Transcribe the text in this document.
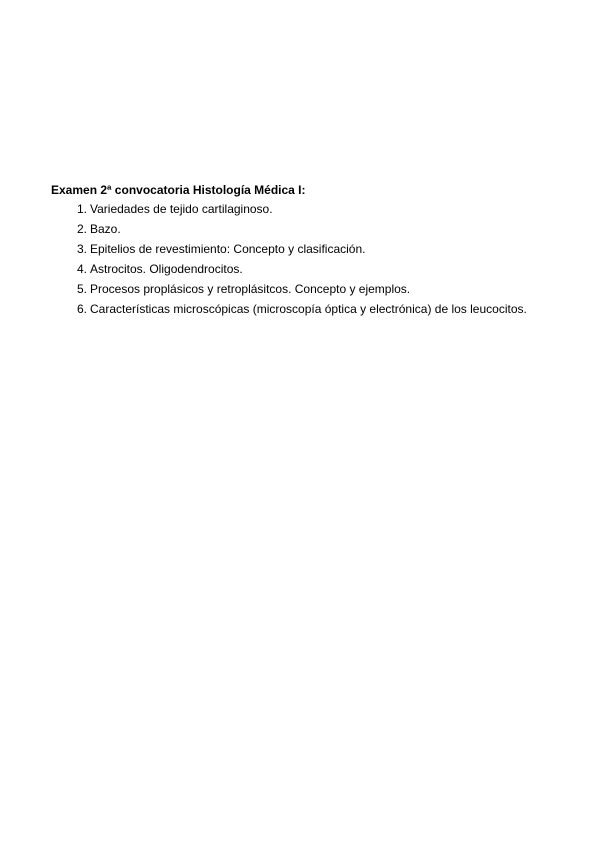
Examen 2ª convocatoria Histología Médica I:
1. Variedades de tejido cartilaginoso.
2. Bazo.
3. Epitelios de revestimiento: Concepto y clasificación.
4. Astrocitos. Oligodendrocitos.
5. Procesos proplásicos y retroplásitcos. Concepto y ejemplos.
6. Características microscópicas (microscopía óptica y electrónica) de los leucocitos.
